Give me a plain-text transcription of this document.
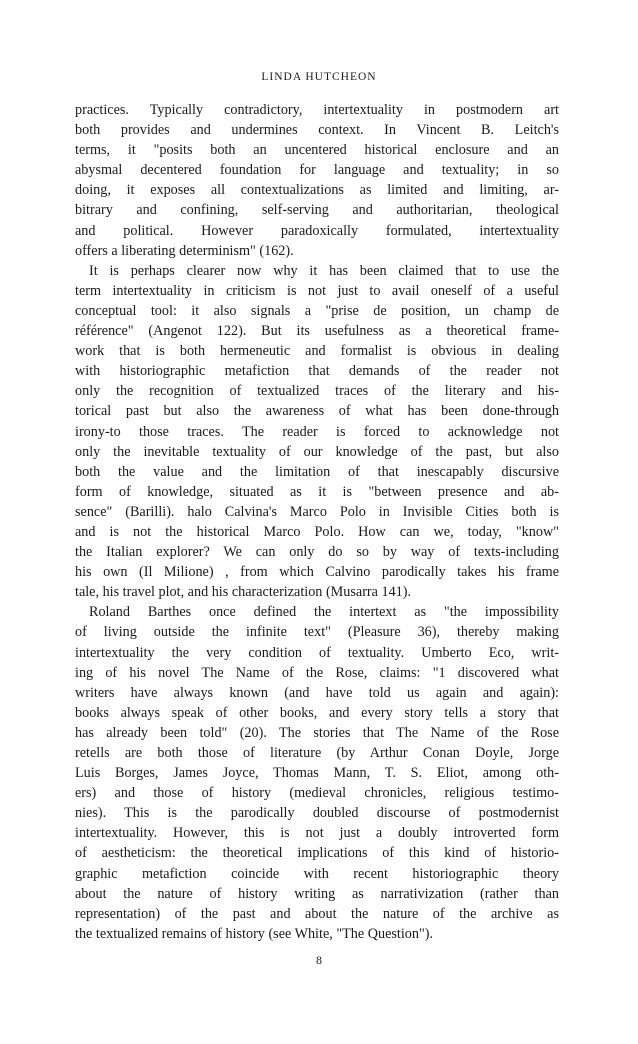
LINDA HUTCHEON
practices. Typically contradictory, intertextuality in postmodern art
both provides and undermines context. In Vincent B. Leitch's
terms, it "posits both an uncentered historical enclosure and an
abysmal decentered foundation for language and textuality; in so
doing, it exposes all contextualizations as limited and limiting, ar-
bitrary and confining, self-serving and authoritarian, theological
and political. However paradoxically formulated, intertextuality
offers a liberating determinism" (162).
It is perhaps clearer now why it has been claimed that to use the
term intertextuality in criticism is not just to avail oneself of a useful
conceptual tool: it also signals a "prise de position, un champ de
référence" (Angenot 122). But its usefulness as a theoretical frame-
work that is both hermeneutic and formalist is obvious in dealing
with historiographic metafiction that demands of the reader not
only the recognition of textualized traces of the literary and his-
torical past but also the awareness of what has been done-through
irony-to those traces. The reader is forced to acknowledge not
only the inevitable textuality of our knowledge of the past, but also
both the value and the limitation of that inescapably discursive
form of knowledge, situated as it is "between presence and ab-
sence" (Barilli). halo Calvina's Marco Polo in Invisible Cities both is
and is not the historical Marco Polo. How can we, today, "know"
the Italian explorer? We can only do so by way of texts-including
his own (Il Milione) , from which Calvino parodically takes his frame
tale, his travel plot, and his characterization (Musarra 141).
Roland Barthes once defined the intertext as "the impossibility
of living outside the infinite text" (Pleasure 36), thereby making
intertextuality the very condition of textuality. Umberto Eco, writ-
ing of his novel The Name of the Rose, claims: "1 discovered what
writers have always known (and have told us again and again):
books always speak of other books, and every story tells a story that
has already been told" (20). The stories that The Name of the Rose
retells are both those of literature (by Arthur Conan Doyle, Jorge
Luis Borges, James Joyce, Thomas Mann, T. S. Eliot, among oth-
ers) and those of history (medieval chronicles, religious testimo-
nies). This is the parodically doubled discourse of postmodernist
intertextuality. However, this is not just a doubly introverted form
of aestheticism: the theoretical implications of this kind of historio-
graphic metafiction coincide with recent historiographic theory
about the nature of history writing as narrativization (rather than
representation) of the past and about the nature of the archive as
the textualized remains of history (see White, "The Question").
8
